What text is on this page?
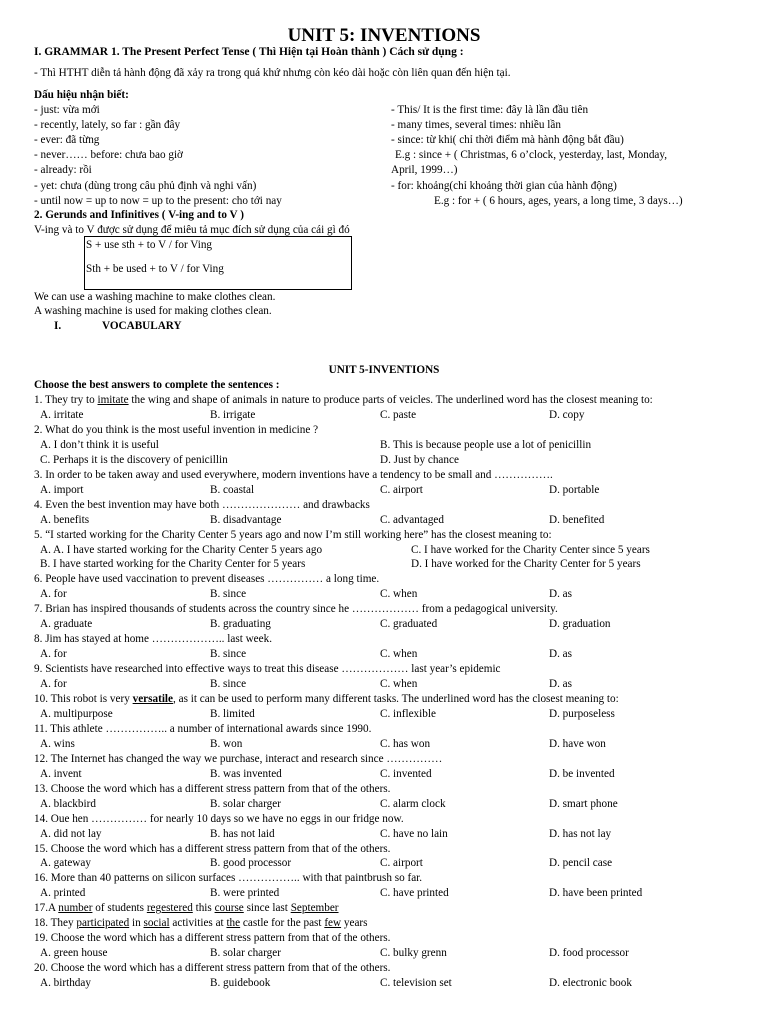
UNIT 5: INVENTIONS
I. GRAMMAR 1. The Present Perfect Tense ( Thì Hiện tại Hoàn thành ) Cách sử dụng :
- Thì HTHT diễn tả hành động đã xảy ra trong quá khứ nhưng còn kéo dài hoặc còn liên quan đến hiện tại.
Dấu hiệu nhận biết:
- just: vừa mới
- recently, lately, so far : gần đây
- ever: đã từng
- never…… before: chưa bao giờ
- already: rồi
- yet: chưa (dùng trong câu phủ định và nghi vấn)
- until now = up to now = up to the present: cho tới nay
- This/ It is the first time: đây là lần đầu tiên
- many times, several times: nhiều lần
- since: từ khi( chỉ thời điểm mà hành động bắt đầu)
E.g : since + ( Christmas, 6 o’clock, yesterday, last, Monday,
April, 1999…)
- for: khoảng(chỉ khoảng thời gian của hành động)
E.g : for + ( 6 hours, ages, years, a long time, 3 days…)
2. Gerunds and Infinitives ( V-ing and to V )
V-ing và to V được sử dụng để miêu tả mục đích sử dụng của cái gì đó
S + use sth + to V / for Ving
Sth + be used + to V / for Ving
We can use a washing machine to make clothes clean.
A washing machine is used for making clothes clean.
I.	VOCABULARY
UNIT 5-INVENTIONS
Choose the best answers to complete the sentences :
1. They try to imitate the wing and shape of animals in nature to produce parts of veicles. The underlined word has the closest meaning to:
A. irritate	B. irrigate	C. paste	D. copy
2. What do you think is the most useful invention in medicine ?
A. I don’t think it is useful	B. This is because people use a lot of penicillin
C. Perhaps it is the discovery of penicillin	D. Just by chance
3. In order to be taken away and used everywhere, modern inventions have a tendency to be small and …………….
A. import	B. coastal	C. airport	D. portable
4. Even the best invention may have both ………………… and drawbacks
A. benefits	B. disadvantage	C. advantaged	D. benefited
5. “I started working for the Charity Center 5 years ago and now I’m still working here” has the closest meaning to:
A. A. I have started working for the Charity Center 5 years ago	C. I have worked for the Charity Center since 5 years
B. I have started working for the Charity Center for 5 years	D. I have worked for the Charity Center for 5 years
6. People have used vaccination to prevent diseases …………… a long time.
A. for	B. since	C. when	D. as
7. Brian has inspired thousands of students across the country since he ……………… from a pedagogical university.
A. graduate	B. graduating	C. graduated	D. graduation
8. Jim has stayed at home ……………….. last week.
A. for	B. since	C. when	D. as
9. Scientists have researched into effective ways to treat this disease ……………… last year’s epidemic
A. for	B. since	C. when	D. as
10. This robot is very versatile, as it can be used to perform many different tasks. The underlined word has the closest meaning to:
A. multipurpose	B. limited	C. inflexible	D. purposeless
11. This athlete …………….. a number of international awards since 1990.
A. wins	B. won	C. has won	D. have won
12. The Internet has changed the way we purchase, interact and research since ……………
A. invent	B. was invented	C. invented	D. be invented
13. Choose the word which has a different stress pattern from that of the others.
A. blackbird	B. solar charger	C. alarm clock	D. smart phone
14. Oue hen …………… for nearly 10 days so we have no eggs in our fridge now.
A. did not lay	B. has not laid	C. have no lain	D. has not lay
15. Choose the word which has a different stress pattern from that of the others.
A. gateway	B. good processor	C. airport	D. pencil case
16. More than 40 patterns on silicon surfaces …………….. with that paintbrush so far.
A. printed	B. were printed	C. have printed	D. have been printed
17.A number of students regestered this course since last September
18. They participated in social activities at the castle for the past few years
19. Choose the word which has a different stress pattern from that of the others.
A. green house	B. solar charger	C. bulky grenn	D. food processor
20. Choose the word which has a different stress pattern from that of the others.
A. birthday	B. guidebook	C. television set	D. electronic book
